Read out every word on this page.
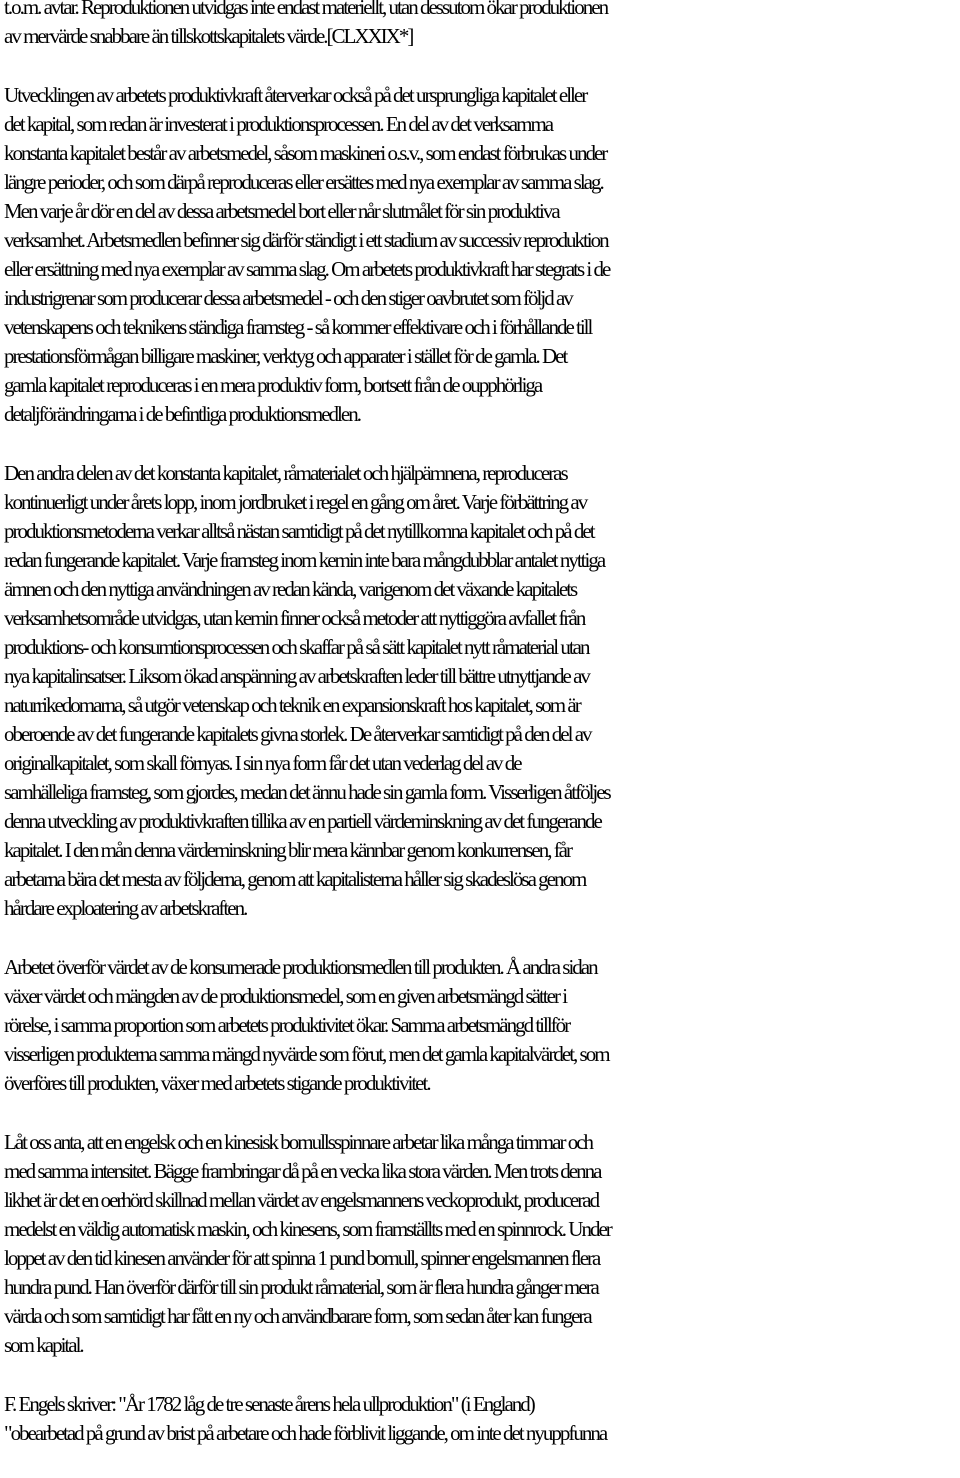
t.o.m. avtar. Reproduktionen utvidgas inte endast materiellt, utan dessutom ökar produktionen
av mervärde snabbare än tillskottskapitalets värde.[CLXXIX*]
Utvecklingen av arbetets produktivkraft återverkar också på det ursprungliga kapitalet eller
det kapital, som redan är investerat i produktionsprocessen. En del av det verksamma
konstanta kapitalet består av arbetsmedel, såsom maskineri o.s.v., som endast förbrukas under
längre perioder, och som därpå reproduceras eller ersättes med nya exemplar av samma slag.
Men varje år dör en del av dessa arbetsmedel bort eller når slutmålet för sin produktiva
verksamhet. Arbetsmedlen befinner sig därför ständigt i ett stadium av successiv reproduktion
eller ersättning med nya exemplar av samma slag. Om arbetets produktivkraft har stegrats i de
industrigrenar som producerar dessa arbetsmedel - och den stiger oavbrutet som följd av
vetenskapens och teknikens ständiga framsteg - så kommer effektivare och i förhållande till
prestationsförmågan billigare maskiner, verktyg och apparater i stället för de gamla. Det
gamla kapitalet reproduceras i en mera produktiv form, bortsett från de oupphörliga
detaljförändringarna i de befintliga produktionsmedlen.
Den andra delen av det konstanta kapitalet, råmaterialet och hjälpämnena, reproduceras
kontinuerligt under årets lopp, inom jordbruket i regel en gång om året. Varje förbättring av
produktionsmetoderna verkar alltså nästan samtidigt på det nytillkomna kapitalet och på det
redan fungerande kapitalet. Varje framsteg inom kemin inte bara mångdubblar antalet nyttiga
ämnen och den nyttiga användningen av redan kända, varigenom det växande kapitalets
verksamhetsområde utvidgas, utan kemin finner också metoder att nyttiggöra avfallet från
produktions- och konsumtionsprocessen och skaffar på så sätt kapitalet nytt råmaterial utan
nya kapitalinsatser. Liksom ökad anspänning av arbetskraften leder till bättre utnyttjande av
naturrikedomarna, så utgör vetenskap och teknik en expansionskraft hos kapitalet, som är
oberoende av det fungerande kapitalets givna storlek. De återverkar samtidigt på den del av
originalkapitalet, som skall förnyas. I sin nya form får det utan vederlag del av de
samhälleliga framsteg, som gjordes, medan det ännu hade sin gamla form. Visserligen åtföljes
denna utveckling av produktivkraften tillika av en partiell värdeminskning av det fungerande
kapitalet. I den mån denna värdeminskning blir mera kännbar genom konkurrensen, får
arbetarna bära det mesta av följderna, genom att kapitalisterna håller sig skadeslösa genom
hårdare exploatering av arbetskraften.
Arbetet överför värdet av de konsumerade produktionsmedlen till produkten. Å andra sidan
växer värdet och mängden av de produktionsmedel, som en given arbetsmängd sätter i
rörelse, i samma proportion som arbetets produktivitet ökar. Samma arbetsmängd tillför
visserligen produkterna samma mängd nyvärde som förut, men det gamla kapitalvärdet, som
överföres till produkten, växer med arbetets stigande produktivitet.
Låt oss anta, att en engelsk och en kinesisk bomullsspinnare arbetar lika många timmar och
med samma intensitet. Bägge frambringar då på en vecka lika stora värden. Men trots denna
likhet är det en oerhörd skillnad mellan värdet av engelsmannens veckoprodukt, producerad
medelst en väldig automatisk maskin, och kinesens, som framställts med en spinnrock. Under
loppet av den tid kinesen använder för att spinna 1 pund bomull, spinner engelsmannen flera
hundra pund. Han överför därför till sin produkt råmaterial, som är flera hundra gånger mera
värda och som samtidigt har fått en ny och användbarare form, som sedan åter kan fungera
som kapital.
F. Engels skriver: "År 1782 låg de tre senaste årens hela ullproduktion" (i England)
"obearbetad på grund av brist på arbetare och hade förblivit liggande, om inte det nyuppfunna
